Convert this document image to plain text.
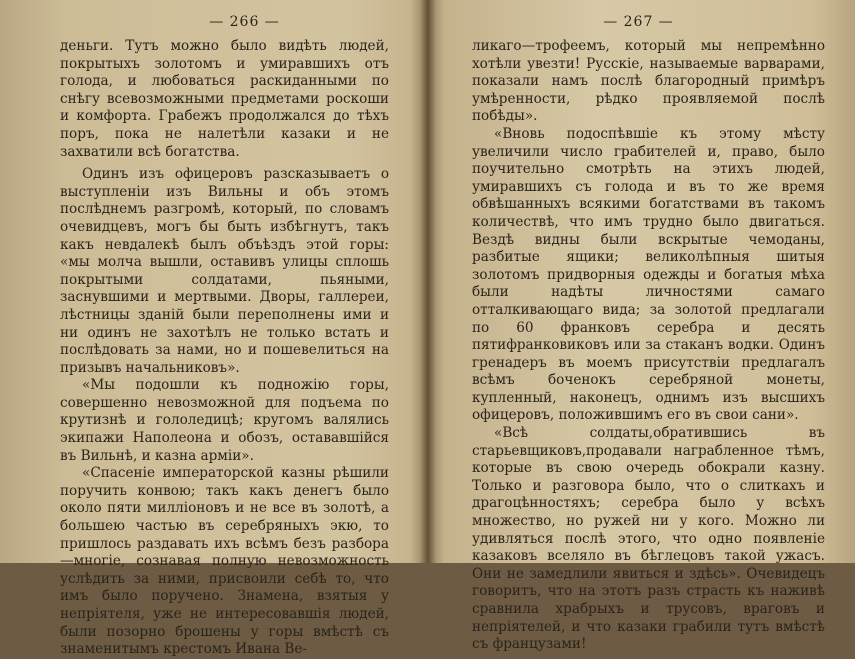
— 266 —

деньги. Тутъ можно было видѣть людей, покрытыхъ золотомъ и умиравшихъ отъ голода, и любоваться раскиданными по снѣгу всевозможными предметами роскоши и комфорта. Грабежъ продолжался до тѣхъ поръ, пока не налетѣли казаки и не захватили всѣ богатства.

Одинъ изъ офицеровъ разсказываетъ о выступленіи изъ Вильны и объ этомъ послѣднемъ разгромѣ, который, по словамъ очевидцевъ, могъ бы быть избѣгнутъ, такъ какъ невдалекѣ былъ объѣздъ этой горы: «мы молча вышли, оставивъ улицы сплошь покрытыми солдатами, пьяными, заснувшими и мертвыми. Дворы, галлереи, лѣстницы зданій были переполнены ими и ни одинъ не захотѣлъ не только встать и послѣдовать за нами, но и пошевелиться на призывъ начальниковъ».

«Мы подошли къ подножію горы, совершенно невозможной для подъема по крутизнѣ и гололедицѣ; кругомъ валялись экипажи Наполеона и обозъ, остававшійся въ Вильнѣ, и казна арміи».

«Спасеніе императорской казны рѣшили поручить конвою; такъ какъ денегъ было около пяти милліоновъ и не все въ золотѣ, а большею частью въ серебряныхъ экю, то пришлось раздавать ихъ всѣмъ безъ разбора—многіе, сознавая полную невозможность услѣдить за ними, присвоили себѣ то, что имъ было поручено. Знамена, взятыя у непріятеля, уже не интересовавшія людей, были позорно брошены у горы вмѣстѣ съ знаменитымъ крестомъ Ивана Ве-

— 267 —

ликаго—трофеемъ, который мы непремѣнно хотѣли увезти! Русскіе, называемые варварами, показали намъ послѣ благородный примѣръ умѣренности, рѣдко проявляемой послѣ побѣды».

«Вновь подоспѣвшіе къ этому мѣсту увеличили число грабителей и, право, было поучительно смотрѣть на этихъ людей, умиравшихъ съ голода и въ то же время обвѣшанныхъ всякими богатствами въ такомъ количествѣ, что имъ трудно было двигаться. Вездѣ видны были вскрытые чемоданы, разбитые ящики; великолѣпныя шитыя золотомъ придворныя одежды и богатыя мѣха были надѣты личностями самаго отталкивающаго вида; за золотой предлагали по 60 франковъ серебра и десять пятифранковиковъ или за стаканъ водки. Одинъ гренадеръ въ моемъ присутствіи предлагалъ всѣмъ боченокъ серебряной монеты, купленный, наконецъ, однимъ изъ высшихъ офицеровъ, положившимъ его въ свои сани».

«Всѣ солдаты,обратившись въ старьевщиковъ,продавали награбленное тѣмъ, которые въ свою очередь обокрали казну. Только и разговора было, что о слиткахъ и драгоцѣнностяхъ; серебра было у всѣхъ множество, но ружей ни у кого. Можно ли удивляться послѣ этого, что одно появленіе казаковъ вселяло въ бѣглецовъ такой ужасъ. Они не замедлили явиться и здѣсь». Очевидецъ говоритъ, что на этотъ разъ страсть къ наживѣ сравнила храбрыхъ и трусовъ, враговъ и непріятелей, и что казаки грабили тутъ вмѣстѣ съ французами!
